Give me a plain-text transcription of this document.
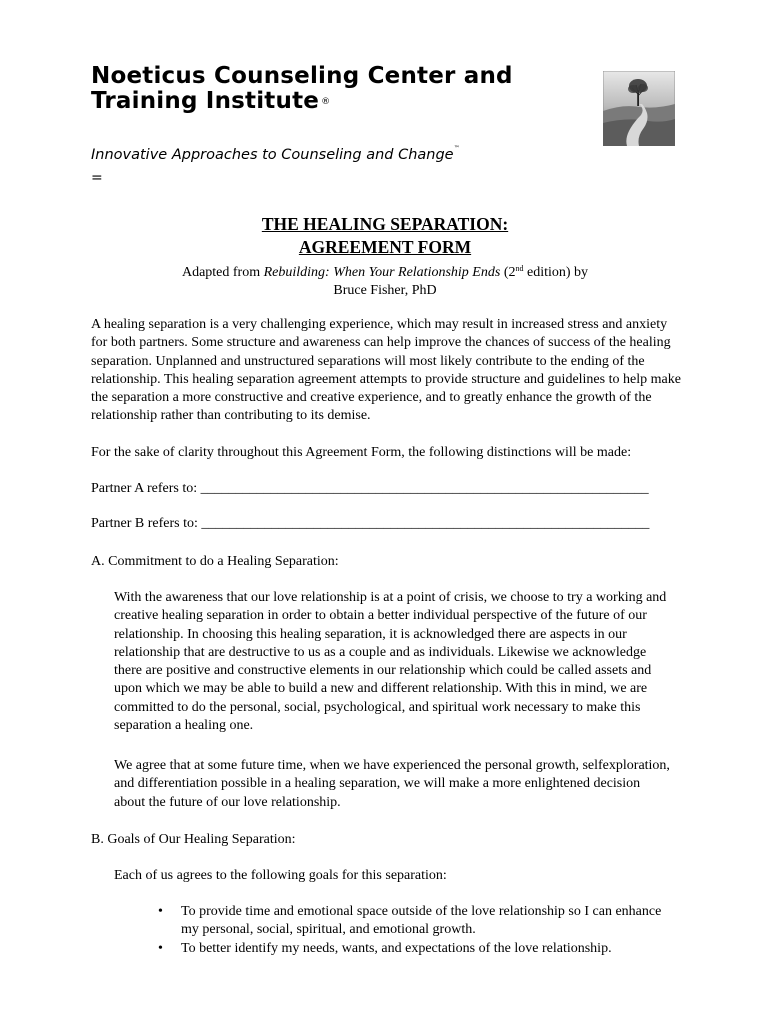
Noeticus Counseling Center and
Training Institute ®
Innovative Approaches to Counseling and Change™
=
THE HEALING SEPARATION:
AGREEMENT FORM
Adapted from Rebuilding: When Your Relationship Ends (2nd edition) by
Bruce Fisher, PhD
A healing separation is a very challenging experience, which may result in increased stress and anxiety for both partners. Some structure and awareness can help improve the chances of success of the healing separation. Unplanned and unstructured separations will most likely contribute to the ending of the relationship. This healing separation agreement attempts to provide structure and guidelines to help make the separation a more constructive and creative experience, and to greatly enhance the growth of the relationship rather than contributing to its demise.
For the sake of clarity throughout this Agreement Form, the following distinctions will be made:
Partner A refers to: ________________________________________________________________
Partner B refers to: ________________________________________________________________
A. Commitment to do a Healing Separation:
With the awareness that our love relationship is at a point of crisis, we choose to try a working and creative healing separation in order to obtain a better individual perspective of the future of our relationship. In choosing this healing separation, it is acknowledged there are aspects in our relationship that are destructive to us as a couple and as individuals. Likewise we acknowledge there are positive and constructive elements in our relationship which could be called assets and upon which we may be able to build a new and different relationship. With this in mind, we are committed to do the personal, social, psychological, and spiritual work necessary to make this separation a healing one.
We agree that at some future time, when we have experienced the personal growth, selfexploration, and differentiation possible in a healing separation, we will make a more enlightened decision about the future of our love relationship.
B. Goals of Our Healing Separation:
Each of us agrees to the following goals for this separation:
• To provide time and emotional space outside of the love relationship so I can enhance my personal, social, spiritual, and emotional growth.
• To better identify my needs, wants, and expectations of the love relationship.
